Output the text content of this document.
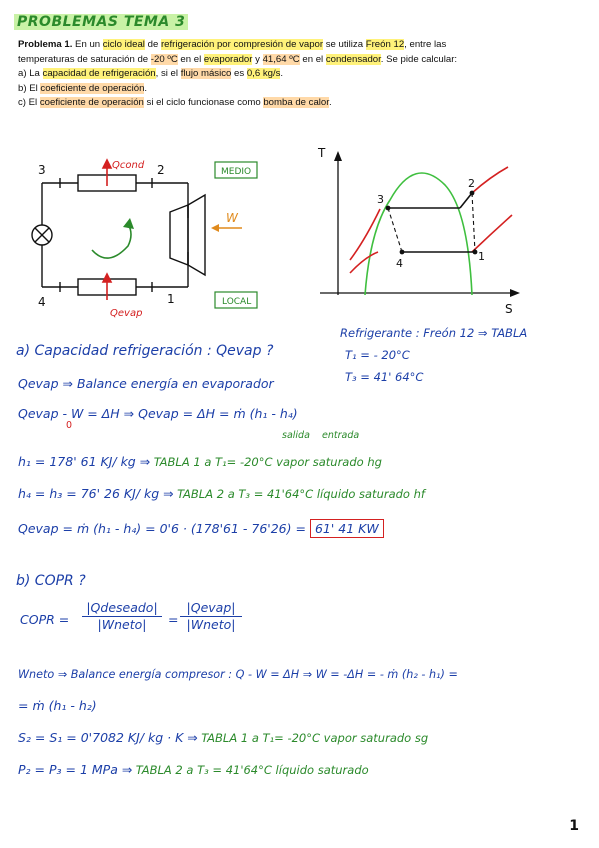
PROBLEMAS TEMA 3

Problema 1. En un ciclo ideal de refrigeración por compresión de vapor se utiliza Freón 12, entre las temperaturas de saturación de -20 ºC en el evaporador y 41,64 ºC en el condensador. Se pide calcular:

a) La capacidad de refrigeración, si el flujo másico es 0,6 kg/s.

b) El coeficiente de operación.

c) El coeficiente de operación si el ciclo funcionase como bomba de calor.

3	2
4	1
Qcond
Qevap
W
MEDIO
LOCAL
T
S
3
2
4
1
Refrigerante : Freón 12 ⇒ TABLA
T₁ = - 20°C
T₃ = 41' 64°C
a) Capacidad refrigeración : Qevap ?
Qevap ⇒ Balance energía en evaporador
Qevap - W = ΔH ⇒ Qevap = ΔH = ṁ (h₁ - h₄)
0
salida entrada
h₁ = 178' 61 KJ/ kg ⇒ TABLA 1 a T₁= -20°C vapor saturado hg
h₄ = h₃ = 76' 26 KJ/ kg ⇒ TABLA 2 a T₃ = 41'64°C líquido saturado hf
Qevap = ṁ (h₁ - h₄) = 0'6 · (178'61 - 76'26) = 61' 41 KW
b) COPR ?
COPR =
|Qdeseado|
|Wneto|	=
|Qevap|
|Wneto|
Wneto ⇒ Balance energía compresor : Q - W = ΔH ⇒ W = -ΔH = - ṁ (h₂ - h₁) =
= ṁ (h₁ - h₂)
S₂ = S₁ = 0'7082 KJ/ kg · K ⇒ TABLA 1 a T₁= -20°C vapor saturado sg
P₂ = P₃ = 1 MPa ⇒ TABLA 2 a T₃ = 41'64°C líquido saturado
1
